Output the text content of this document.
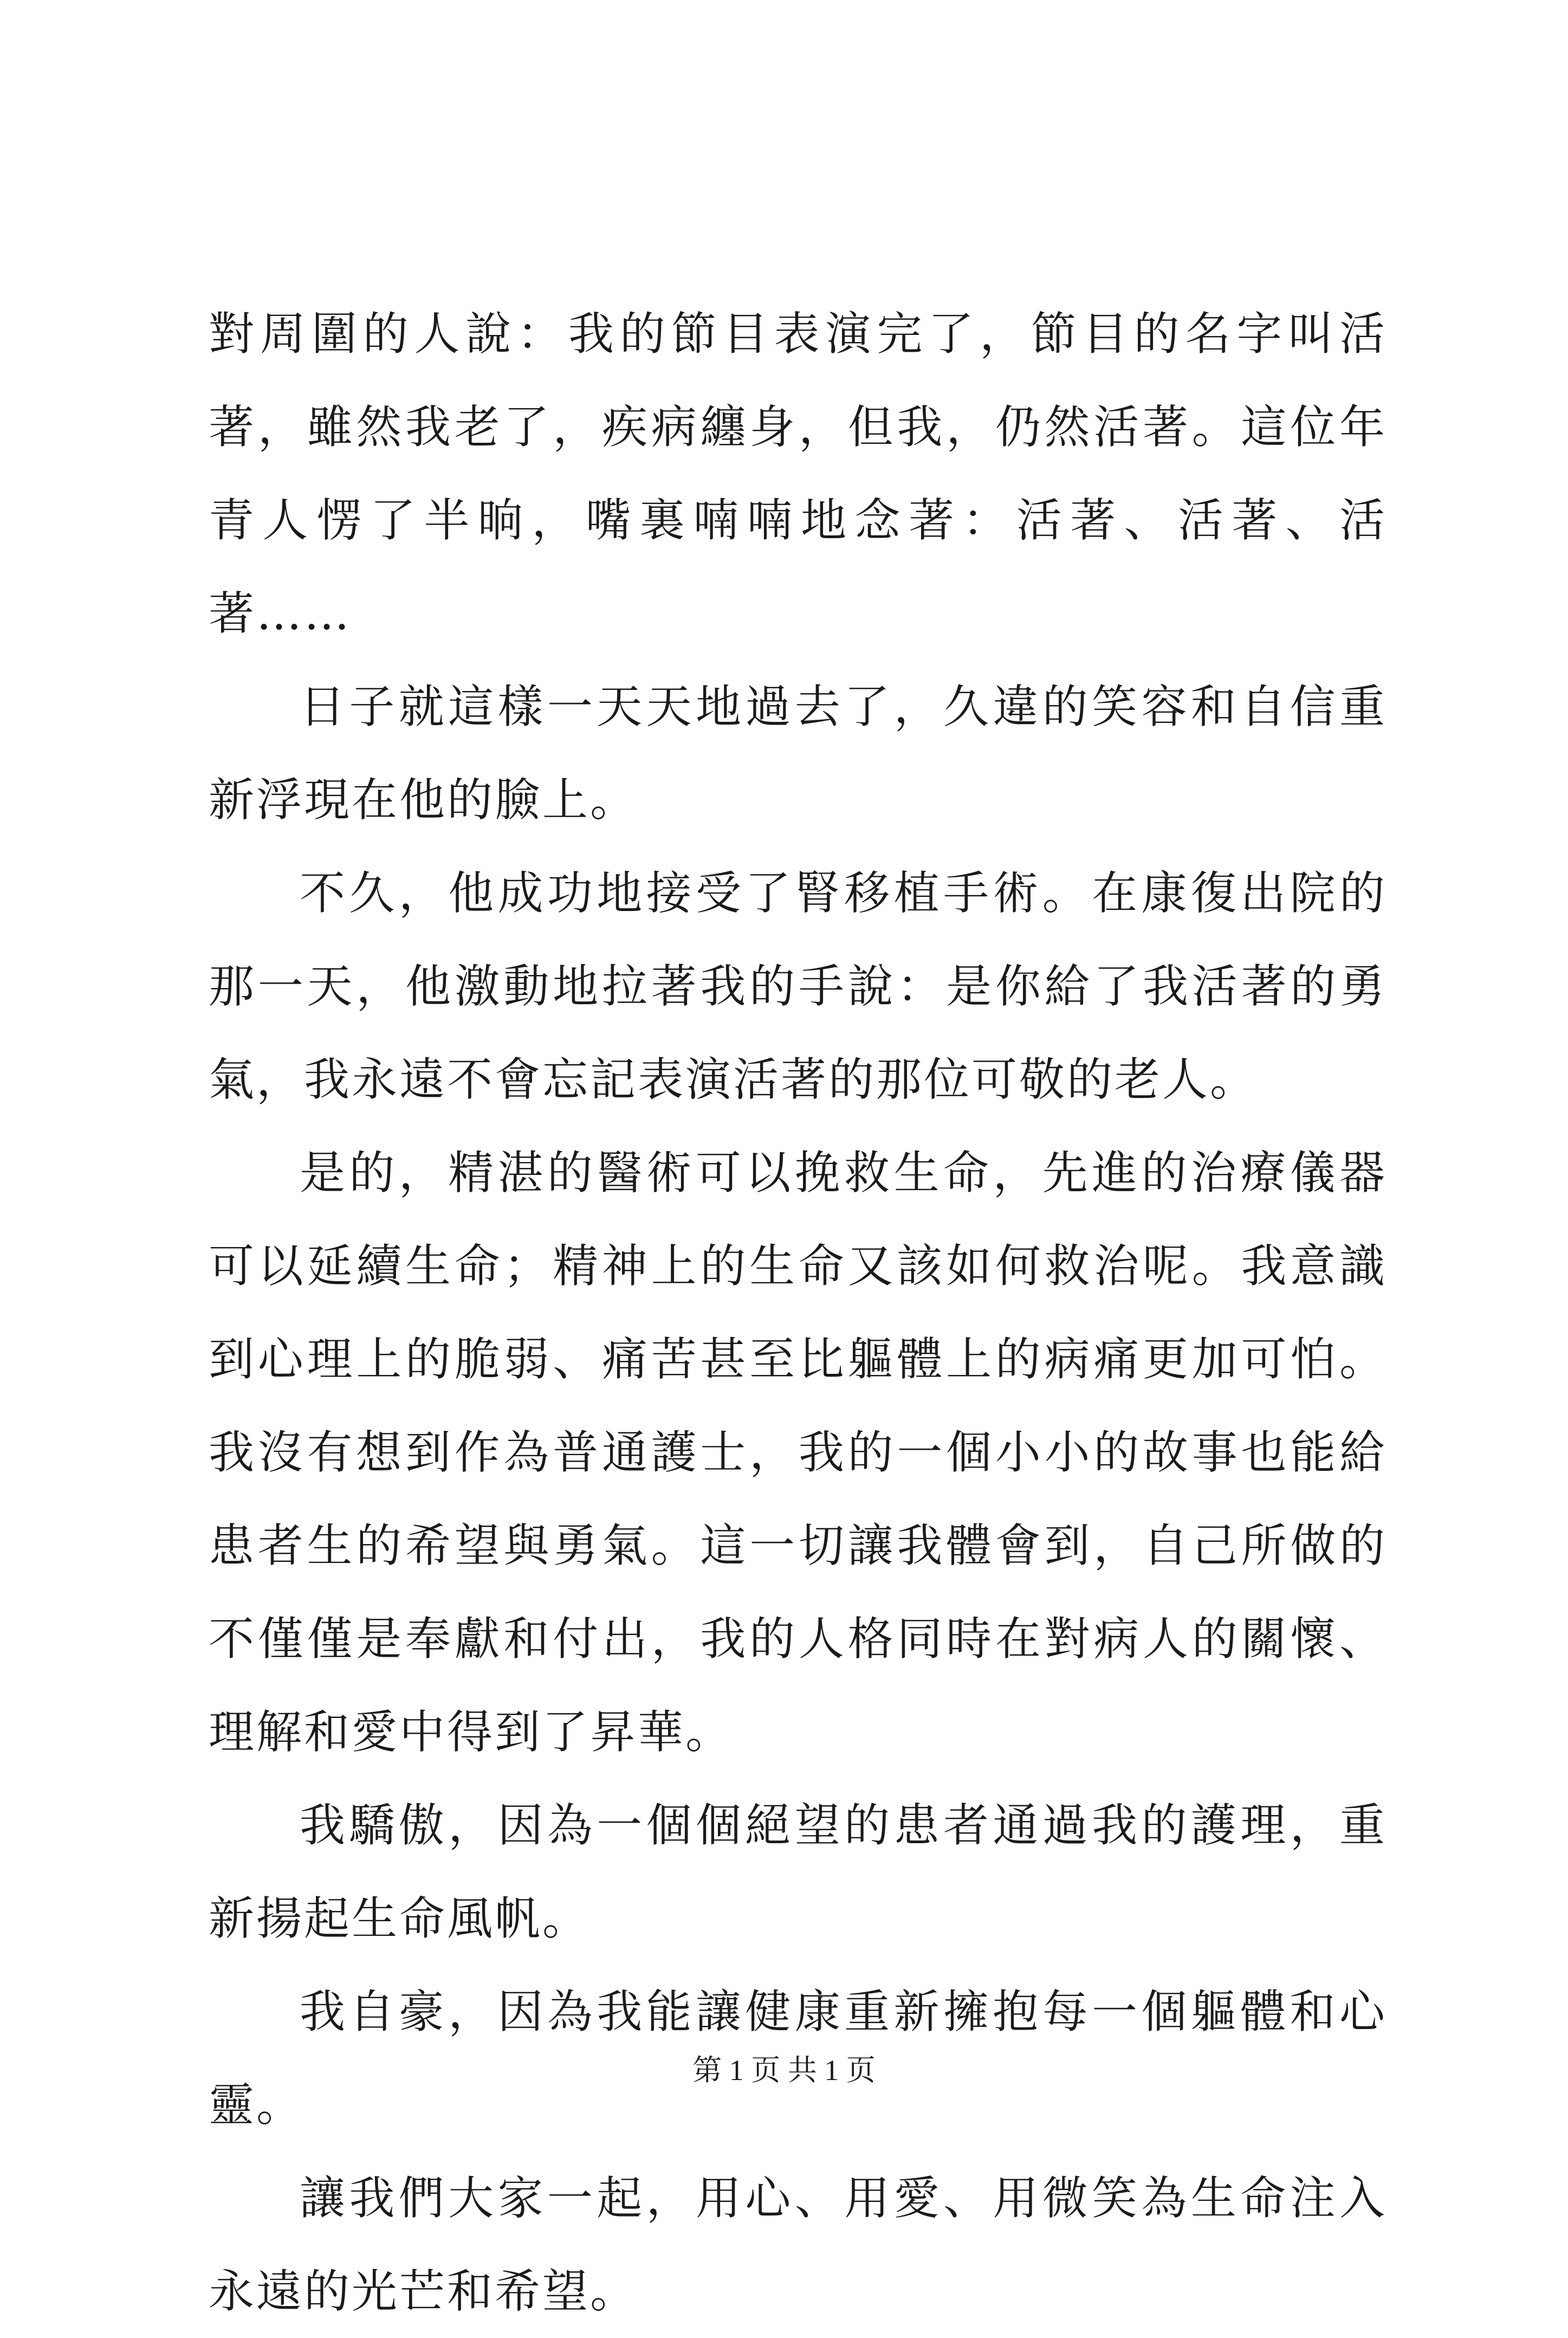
對周圍的人說：我的節目表演完了，節目的名字叫活著，雖然我老了，疾病纏身，但我，仍然活著。這位年青人愣了半晌，嘴裏喃喃地念著：活著、活著、活著……

日子就這樣一天天地過去了，久違的笑容和自信重新浮現在他的臉上。

不久，他成功地接受了腎移植手術。在康復出院的那一天，他激動地拉著我的手說：是你給了我活著的勇氣，我永遠不會忘記表演活著的那位可敬的老人。

是的，精湛的醫術可以挽救生命，先進的治療儀器可以延續生命；精神上的生命又該如何救治呢。我意識到心理上的脆弱、痛苦甚至比軀體上的病痛更加可怕。我沒有想到作為普通護士，我的一個小小的故事也能給患者生的希望與勇氣。這一切讓我體會到，自己所做的不僅僅是奉獻和付出，我的人格同時在對病人的關懷、理解和愛中得到了昇華。

我驕傲，因為一個個絕望的患者通過我的護理，重新揚起生命風帆。

我自豪，因為我能讓健康重新擁抱每一個軀體和心靈。

讓我們大家一起，用心、用愛、用微笑為生命注入永遠的光芒和希望。

第 1 页 共 1 页
